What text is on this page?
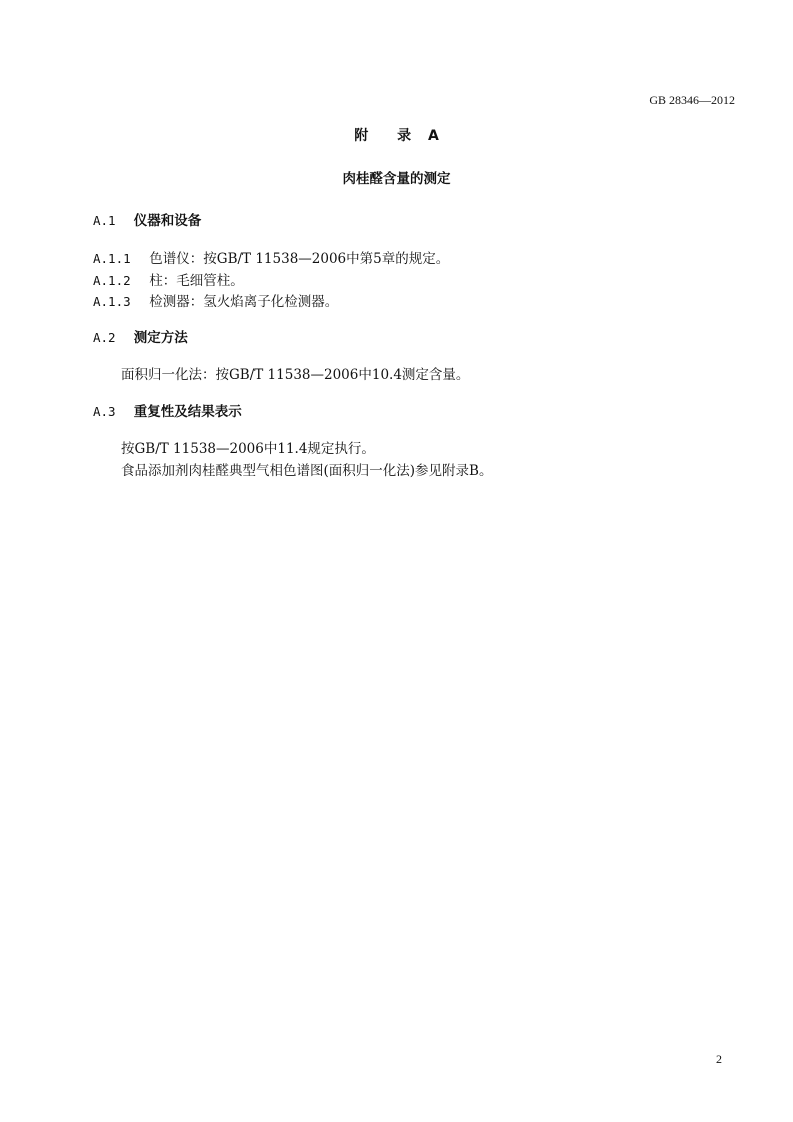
GB 28346—2012
附 录 A
肉桂醛含量的测定
A.1 仪器和设备
A.1.1 色谱仪：按GB/T 11538—2006中第5章的规定。
A.1.2 柱：毛细管柱。
A.1.3 检测器：氢火焰离子化检测器。
A.2 测定方法
面积归一化法：按GB/T 11538—2006中10.4测定含量。
A.3 重复性及结果表示
按GB/T 11538—2006中11.4规定执行。
食品添加剂肉桂醛典型气相色谱图(面积归一化法)参见附录B。
2
